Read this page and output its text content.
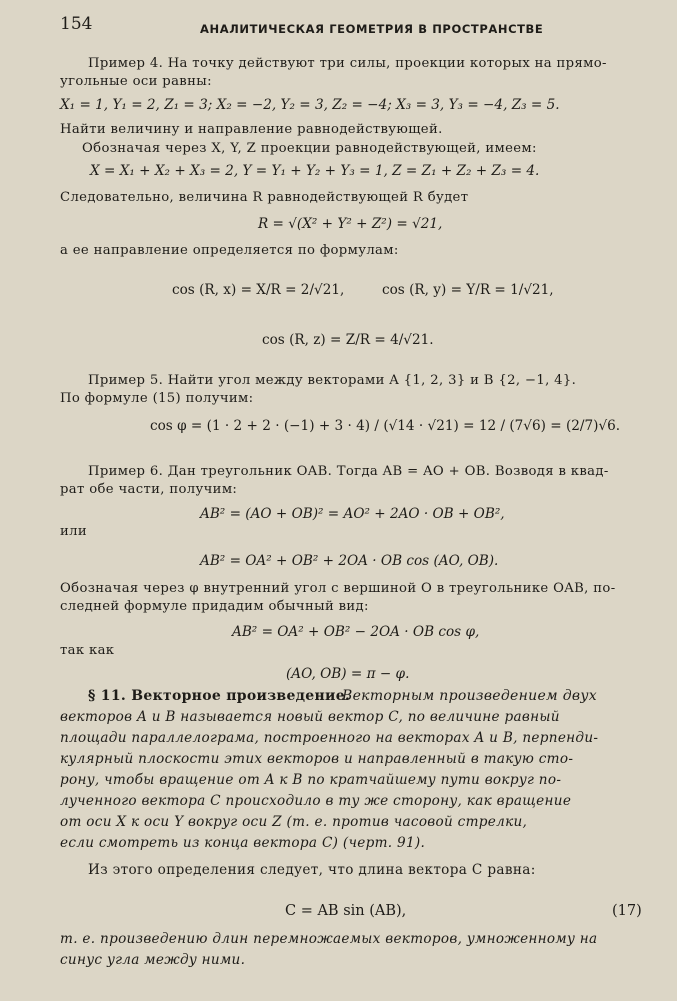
154	АНАЛИТИЧЕСКАЯ ГЕОМЕТРИЯ В ПРОСТРАНСТВЕ
Пример 4. На точку действуют три силы, проекции которых на прямо-
угольные оси равны:
X₁ = 1, Y₁ = 2, Z₁ = 3; X₂ = −2, Y₂ = 3, Z₂ = −4; X₃ = 3, Y₃ = −4, Z₃ = 5.
Найти величину и направление равнодействующей.
Обозначая через X, Y, Z проекции равнодействующей, имеем:
X = X₁ + X₂ + X₃ = 2, Y = Y₁ + Y₂ + Y₃ = 1, Z = Z₁ + Z₂ + Z₃ = 4.
Следовательно, величина R равнодействующей R будет
R = √(X² + Y² + Z²) = √21,
а ее направление определяется по формулам:
cos (R, x) = X/R = 2/√21,	cos (R, y) = Y/R = 1/√21,
cos (R, z) = Z/R = 4/√21.
Пример 5. Найти угол между векторами A {1, 2, 3} и B {2, −1, 4}.
По формуле (15) получим:
cos φ = (1 · 2 + 2 · (−1) + 3 · 4) / (√14 · √21) = 12 / (7√6) = (2/7)√6.
Пример 6. Дан треугольник OAB. Тогда AB = AO + OB. Возводя в квад-
рат обе части, получим:
AB² = (AO + OB)² = AO² + 2AO · OB + OB²,
или
AB² = OA² + OB² + 2OA · OB cos (AO, OB).
Обозначая через φ внутренний угол с вершиной O в треугольнике OAB, по-
следней формуле придадим обычный вид:
AB² = OA² + OB² − 2OA · OB cos φ,
так как
(AO, OB) = π − φ.
§ 11. Векторное произведение.
Векторным произведением двух
векторов A и B называется новый вектор C, по величине равный
площади параллелограма, построенного на векторах A и B, перпенди-
кулярный плоскости этих векторов и направленный в такую сто-
рону, чтобы вращение от A к B по кратчайшему пути вокруг по-
лученного вектора C происходило в ту же сторону, как вращение
от оси X к оси Y вокруг оси Z (т. е. против часовой стрелки,
если смотреть из конца вектора C) (черт. 91).
Из этого определения следует, что длина вектора C равна:
C = AB sin (AB),	(17)
т. е. произведению длин перемножаемых векторов, умноженному на
синус угла между ними.
